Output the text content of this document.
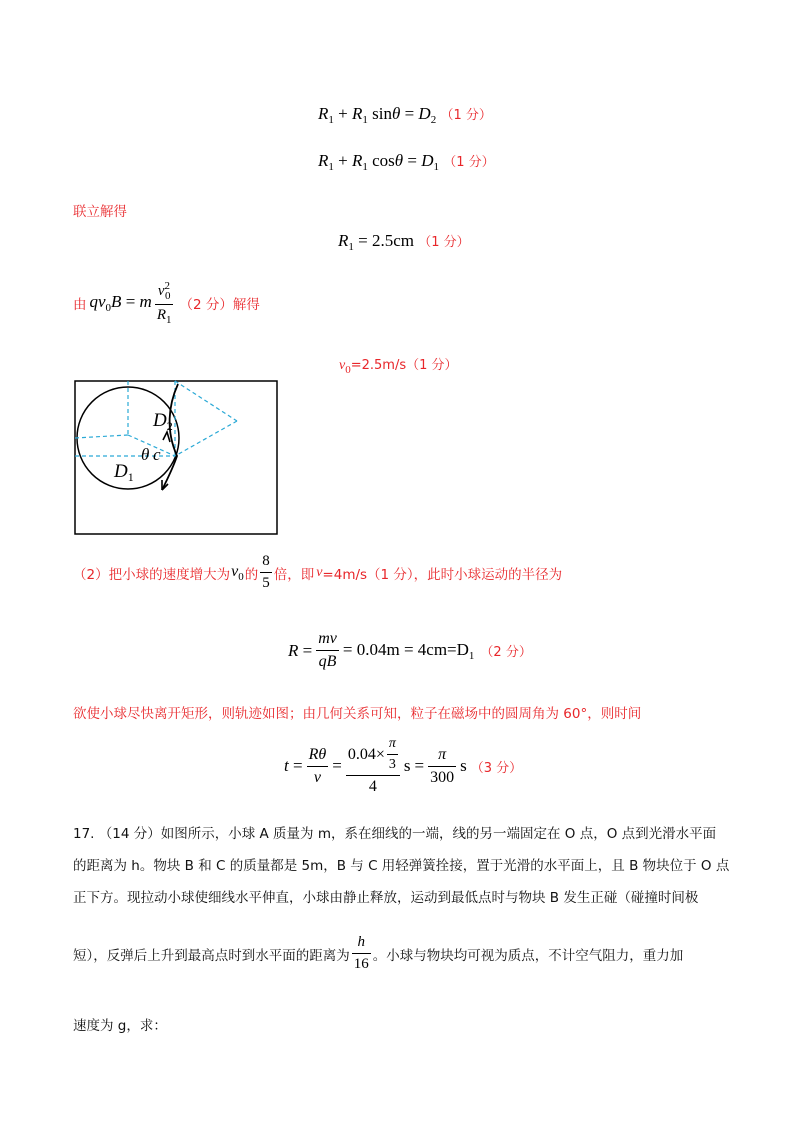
$R_1 + R_1$ $\sin\theta = D_2$ （1 分）
$R_1 + R_1$ $\cos\theta = D_1$ （1 分）
联立解得
$R_1 = 2.5cm$ （1 分）
由 $qv_0B = m \frac{v^2_0}{R_1} (2$ 分）解得
$v_0=2.5m/s(1$ 分）
$D_2$
θ c
$D_1$
（2）把小球的速度增大为 $v_0$ 的 $\frac{8}{5}$ 倍，即 v =4m/s（1 分），此时小球运动的半径为
$R = \frac{mv}{qB} = 0.04m = 4cm=D_1$ （2 分）
欲使小球尽快离开矩形，则轨迹如图；由几何关系可知，粒子在磁场中的圆周角为 60°，则时间
$t = \frac{R\theta}{v} = \frac{0.04\times \frac{\pi}{3}}{4}$ $s = \frac{\pi}{300}$ s （3 分）
17. （14 分）如图所示，小球 A 质量为 m，系在细线的一端，线的另一端固定在 O 点，O 点到光滑水平面
的距离为 h。物块 B 和 C 的质量都是 5m，B 与 C 用轻弹簧拴接，置于光滑的水平面上，且 B 物块位于 O 点
正下方。现拉动小球使细线水平伸直，小球由静止释放，运动到最低点时与物块 B 发生正碰（碰撞时间极
短），反弹后上升到最高点时到水平面的距离为 $\frac{h}{16}$ 。小球与物块均可视为质点，不计空气阻力，重力加
速度为 g，求：
